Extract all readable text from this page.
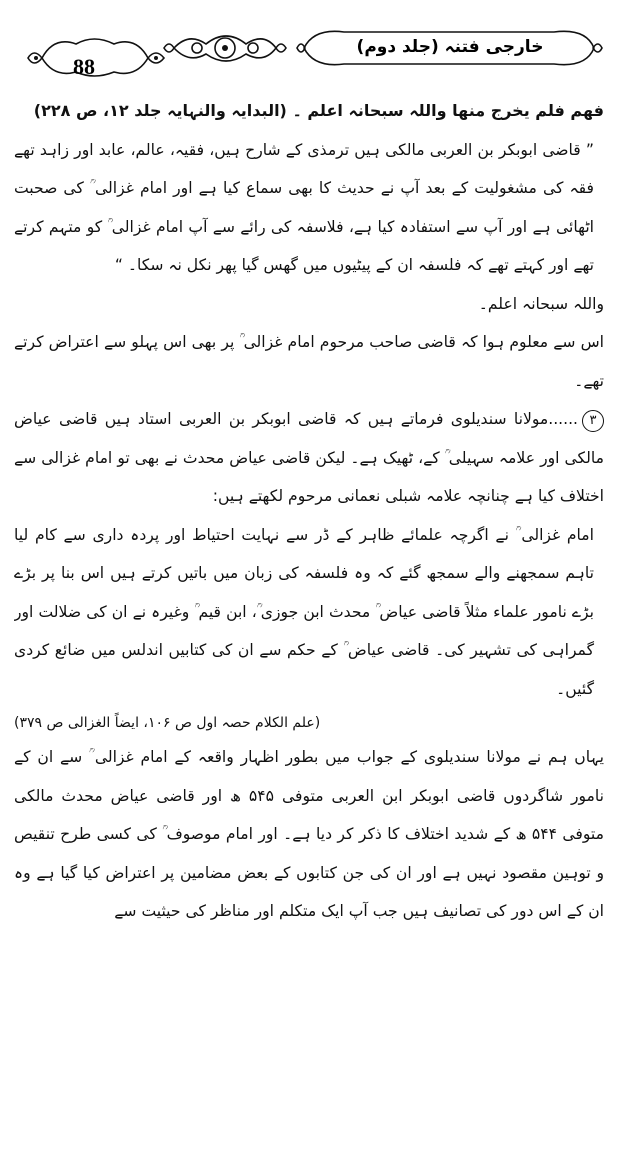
88
خارجی فتنہ (جلد دوم)

فھم فلم یخرج منھا واللہ سبحانہ اعلم ۔ (البدایہ والنہایہ جلد ۱۲، ص ۲۲۸)

” قاضی ابوبکر بن العربی مالکی ہیں ترمذی کے شارح ہیں، فقیہ، عالم، عابد اور زاہد تھے فقہ کی مشغولیت کے بعد آپ نے حدیث کا بھی سماع کیا ہے اور امام غزالی ؒ کی صحبت اٹھائی ہے اور آپ سے استفادہ کیا ہے، فلاسفہ کی رائے سے آپ امام غزالی ؒ کو متہم کرتے تھے اور کہتے تھے کہ فلسفہ ان کے پیٹیوں میں گھس گیا پھر نکل نہ سکا۔ “

واللہ سبحانہ اعلم۔

اس سے معلوم ہوا کہ قاضی صاحب مرحوم امام غزالی ؒ پر بھی اس پہلو سے اعتراض کرتے تھے۔

۳......مولانا سندیلوی فرماتے ہیں کہ قاضی ابوبکر بن العربی استاد ہیں قاضی عیاض مالکی اور علامہ سہیلی ؒ کے، ٹھیک ہے۔ لیکن قاضی عیاض محدث نے بھی تو امام غزالی سے اختلاف کیا ہے چنانچہ علامہ شبلی نعمانی مرحوم لکھتے ہیں:

امام غزالی ؒ نے اگرچہ علمائے ظاہر کے ڈر سے نہایت احتیاط اور پردہ داری سے کام لیا تاہم سمجھنے والے سمجھ گئے کہ وہ فلسفہ کی زبان میں باتیں کرتے ہیں اس بنا پر بڑے بڑے نامور علماء مثلاً قاضی عیاض ؒ محدث ابن جوزی ؒ، ابن قیم ؒ وغیرہ نے ان کی ضلالت اور گمراہی کی تشہیر کی۔ قاضی عیاض ؒ کے حکم سے ان کی کتابیں اندلس میں ضائع کردی گئیں۔

(علم الکلام حصہ اول ص ۱۰۶، ایضاً الغزالی ص ۳۷۹)

یہاں ہم نے مولانا سندیلوی کے جواب میں بطور اظہار واقعہ کے امام غزالی ؒ سے ان کے نامور شاگردوں قاضی ابوبکر ابن العربی متوفی ۵۴۵ ھ اور قاضی عیاض محدث مالکی متوفی ۵۴۴ ھ کے شدید اختلاف کا ذکر کر دیا ہے۔ اور امام موصوف ؒ کی کسی طرح تنقیص و توہین مقصود نہیں ہے اور ان کی جن کتابوں کے بعض مضامین پر اعتراض کیا گیا ہے وہ ان کے اس دور کی تصانیف ہیں جب آپ ایک متکلم اور مناظر کی حیثیت سے
